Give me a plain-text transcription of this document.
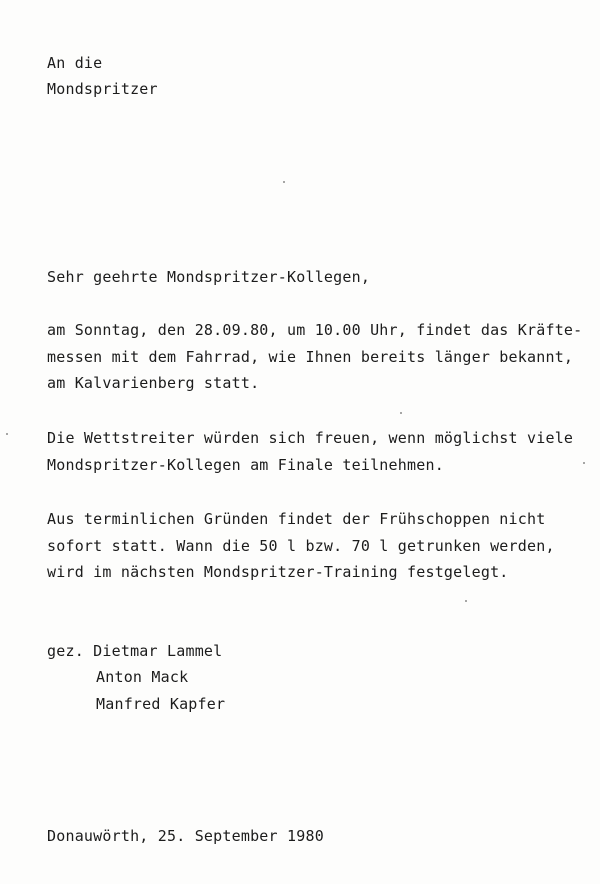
An die
Mondspritzer
Sehr geehrte Mondspritzer-Kollegen,
am Sonntag, den 28.09.80, um 10.00 Uhr, findet das Kräfte-
messen mit dem Fahrrad, wie Ihnen bereits länger bekannt,
am Kalvarienberg statt.
Die Wettstreiter würden sich freuen, wenn möglichst viele
Mondspritzer-Kollegen am Finale teilnehmen.
Aus terminlichen Gründen findet der Frühschoppen nicht
sofort statt. Wann die 50 l bzw. 70 l getrunken werden,
wird im nächsten Mondspritzer-Training festgelegt.
gez. Dietmar Lammel
Anton Mack
Manfred Kapfer
Donauwörth, 25. September 1980
